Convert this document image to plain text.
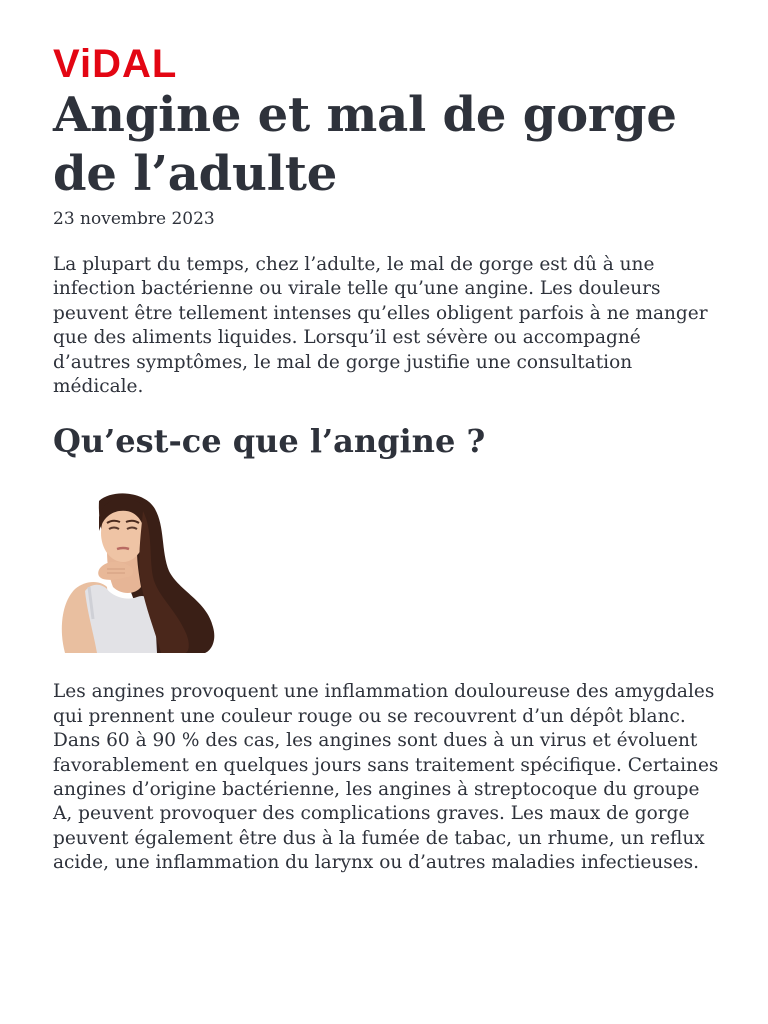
ViDAL
Angine et mal de gorge de l’adulte

23 novembre 2023

La plupart du temps, chez l’adulte, le mal de gorge est dû à une infection bactérienne ou virale telle qu’une angine. Les douleurs peuvent être tellement intenses qu’elles obligent parfois à ne manger que des aliments liquides. Lorsqu’il est sévère ou accompagné d’autres symptômes, le mal de gorge justifie une consultation médicale.

Qu’est-ce que l’angine ?

Les angines provoquent une inflammation douloureuse des amygdales qui prennent une couleur rouge ou se recouvrent d’un dépôt blanc. Dans 60 à 90 % des cas, les angines sont dues à un virus et évoluent favorablement en quelques jours sans traitement spécifique. Certaines angines d’origine bactérienne, les angines à streptocoque du groupe A, peuvent provoquer des complications graves. Les maux de gorge peuvent également être dus à la fumée de tabac, un rhume, un reflux acide, une inflammation du larynx ou d’autres maladies infectieuses.
